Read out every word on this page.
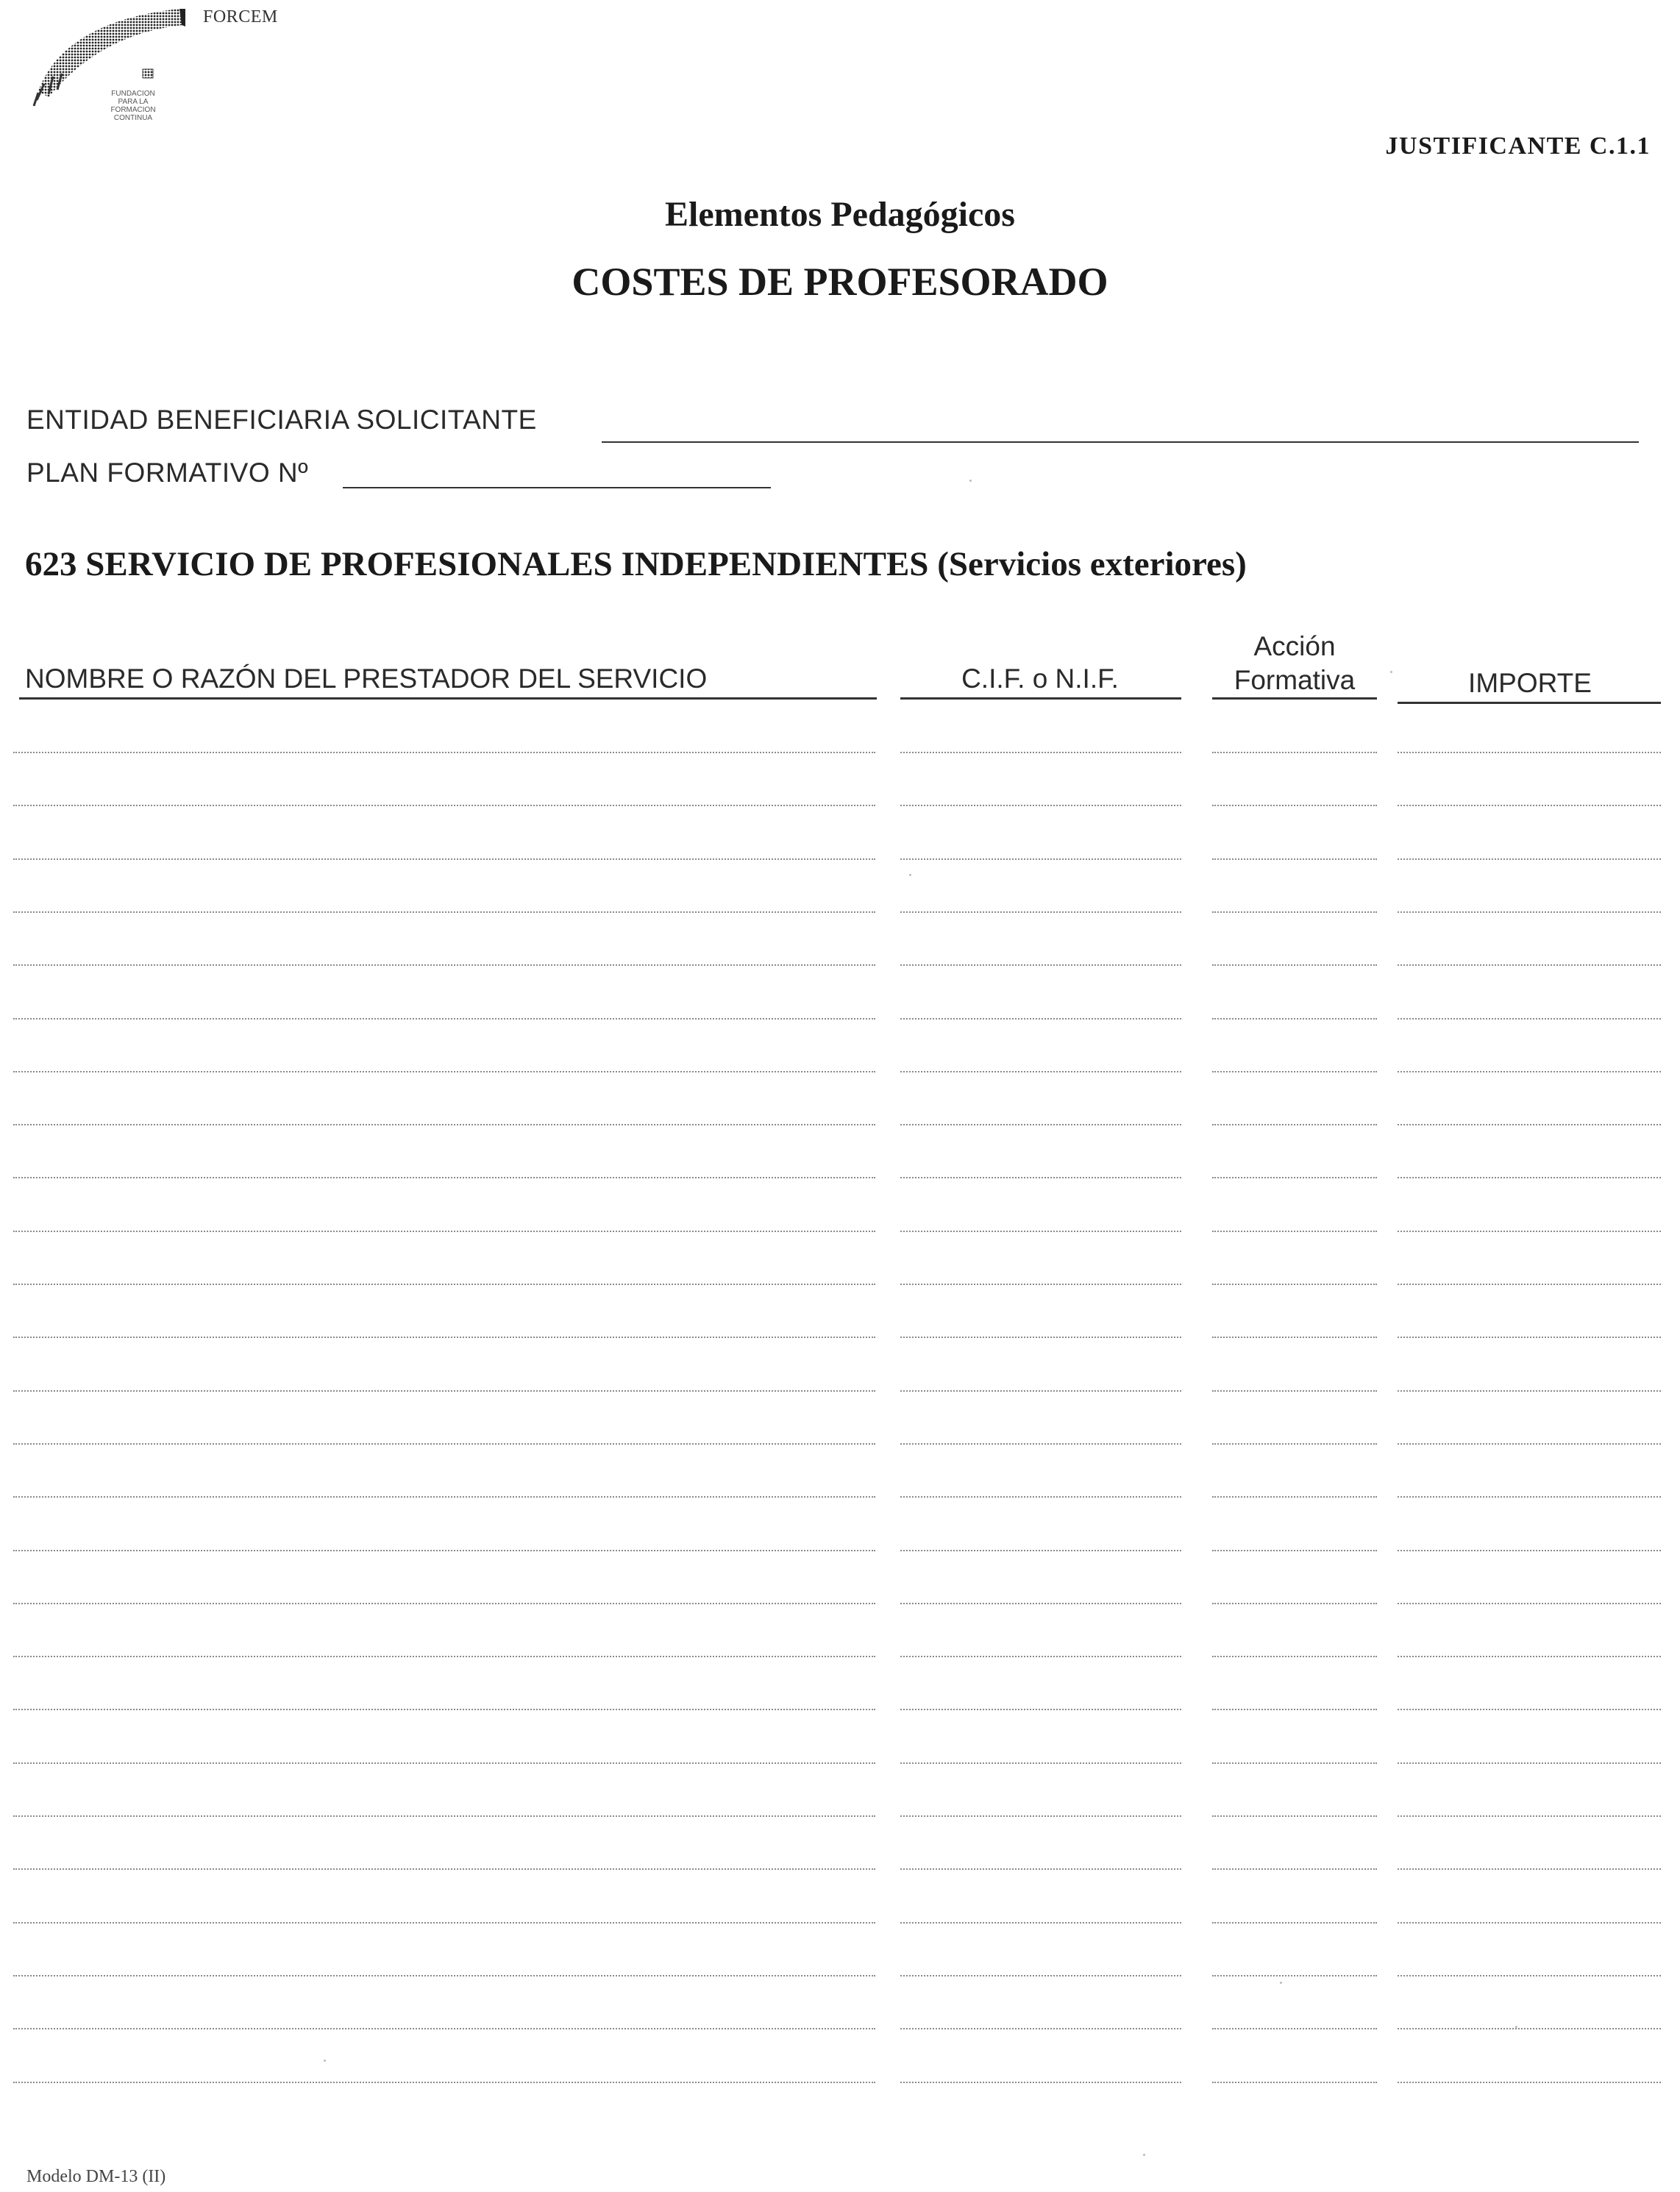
FORCEM
FUNDACION
PARA LA
FORMACION
CONTINUA
JUSTIFICANTE C.1.1
Elementos Pedagógicos
COSTES DE PROFESORADO
ENTIDAD BENEFICIARIA SOLICITANTE
PLAN FORMATIVO Nº
623 SERVICIO DE PROFESIONALES INDEPENDIENTES (Servicios exteriores)
NOMBRE O RAZÓN DEL PRESTADOR DEL SERVICIO	C.I.F. o N.I.F.
Acción
Formativa	IMPORTE
Modelo DM-13 (II)
